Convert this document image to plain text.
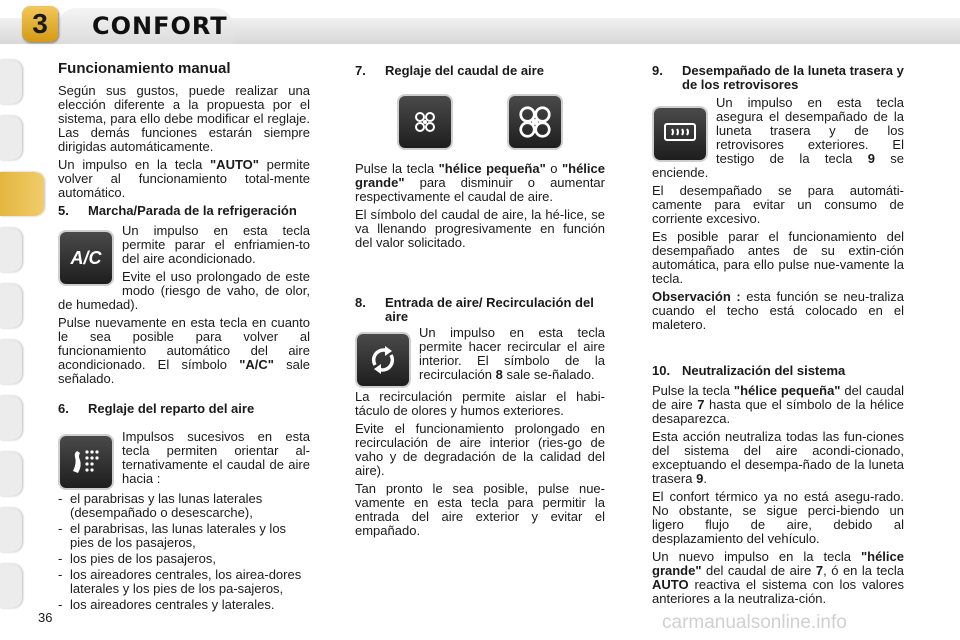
3	CONFORT
Funcionamiento manual

Según sus gustos, puede realizar una elección diferente a la propuesta por el sistema, para ello debe modificar el reglaje. Las demás funciones estarán siempre dirigidas automáticamente.

Un impulso en la tecla "AUTO" permite volver al funcionamiento total-mente automático.

5.	Marcha/Parada de la refrigeración
A/C

Un impulso en esta tecla permite parar el enfriamien-to del aire acondicionado.

Evite el uso prolongado de este modo (riesgo de vaho, de olor, de humedad).

Pulse nuevamente en esta tecla en cuanto le sea posible para volver al funcionamiento automático del aire acondicionado. El símbolo "A/C" sale señalado.

6.	Reglaje del reparto del aire

Impulsos sucesivos en esta tecla permiten orientar al-ternativamente el caudal de aire hacia :

- el parabrisas y las lunas laterales (desempañado o desescarche),
- el parabrisas, las lunas laterales y los pies de los pasajeros,
- los pies de los pasajeros,
- los aireadores centrales, los airea-dores laterales y los pies de los pa-sajeros,
- los aireadores centrales y laterales.
7.	Reglaje del caudal de aire

Pulse la tecla "hélice pequeña" o "hélice grande" para disminuir o aumentar respectivamente el caudal de aire.

El símbolo del caudal de aire, la hé-lice, se va llenando progresivamente en función del valor solicitado.

8.	Entrada de aire/ Recirculación del aire

Un impulso en esta tecla permite hacer recircular el aire interior. El símbolo de la recirculación 8 sale se-ñalado.

La recirculación permite aislar el habi-táculo de olores y humos exteriores.

Evite el funcionamiento prolongado en recirculación de aire interior (ries-go de vaho y de degradación de la calidad del aire).

Tan pronto le sea posible, pulse nue-vamente en esta tecla para permitir la entrada del aire exterior y evitar el empañado.

9.	Desempañado de la luneta trasera y de los retrovisores

Un impulso en esta tecla asegura el desempañado de la luneta trasera y de los retrovisores exteriores. El testigo de la tecla 9 se enciende.

El desempañado se para automáti-camente para evitar un consumo de corriente excesivo.

Es posible parar el funcionamiento del desempañado antes de su extin-ción automática, para ello pulse nue-vamente la tecla.

Observación : esta función se neu-traliza cuando el techo está colocado en el maletero.

10. Neutralización del sistema

Pulse la tecla "hélice pequeña" del caudal de aire 7 hasta que el símbolo de la hélice desaparezca.

Esta acción neutraliza todas las fun-ciones del sistema del aire acondi-cionado, exceptuando el desempa-ñado de la luneta trasera 9.

El confort térmico ya no está asegu-rado. No obstante, se sigue perci-biendo un ligero flujo de aire, debido al desplazamiento del vehículo.

Un nuevo impulso en la tecla "hélice grande" del caudal de aire 7, ó en la tecla AUTO reactiva el sistema con los valores anteriores a la neutraliza-ción.

36	carmanualsonline.info
